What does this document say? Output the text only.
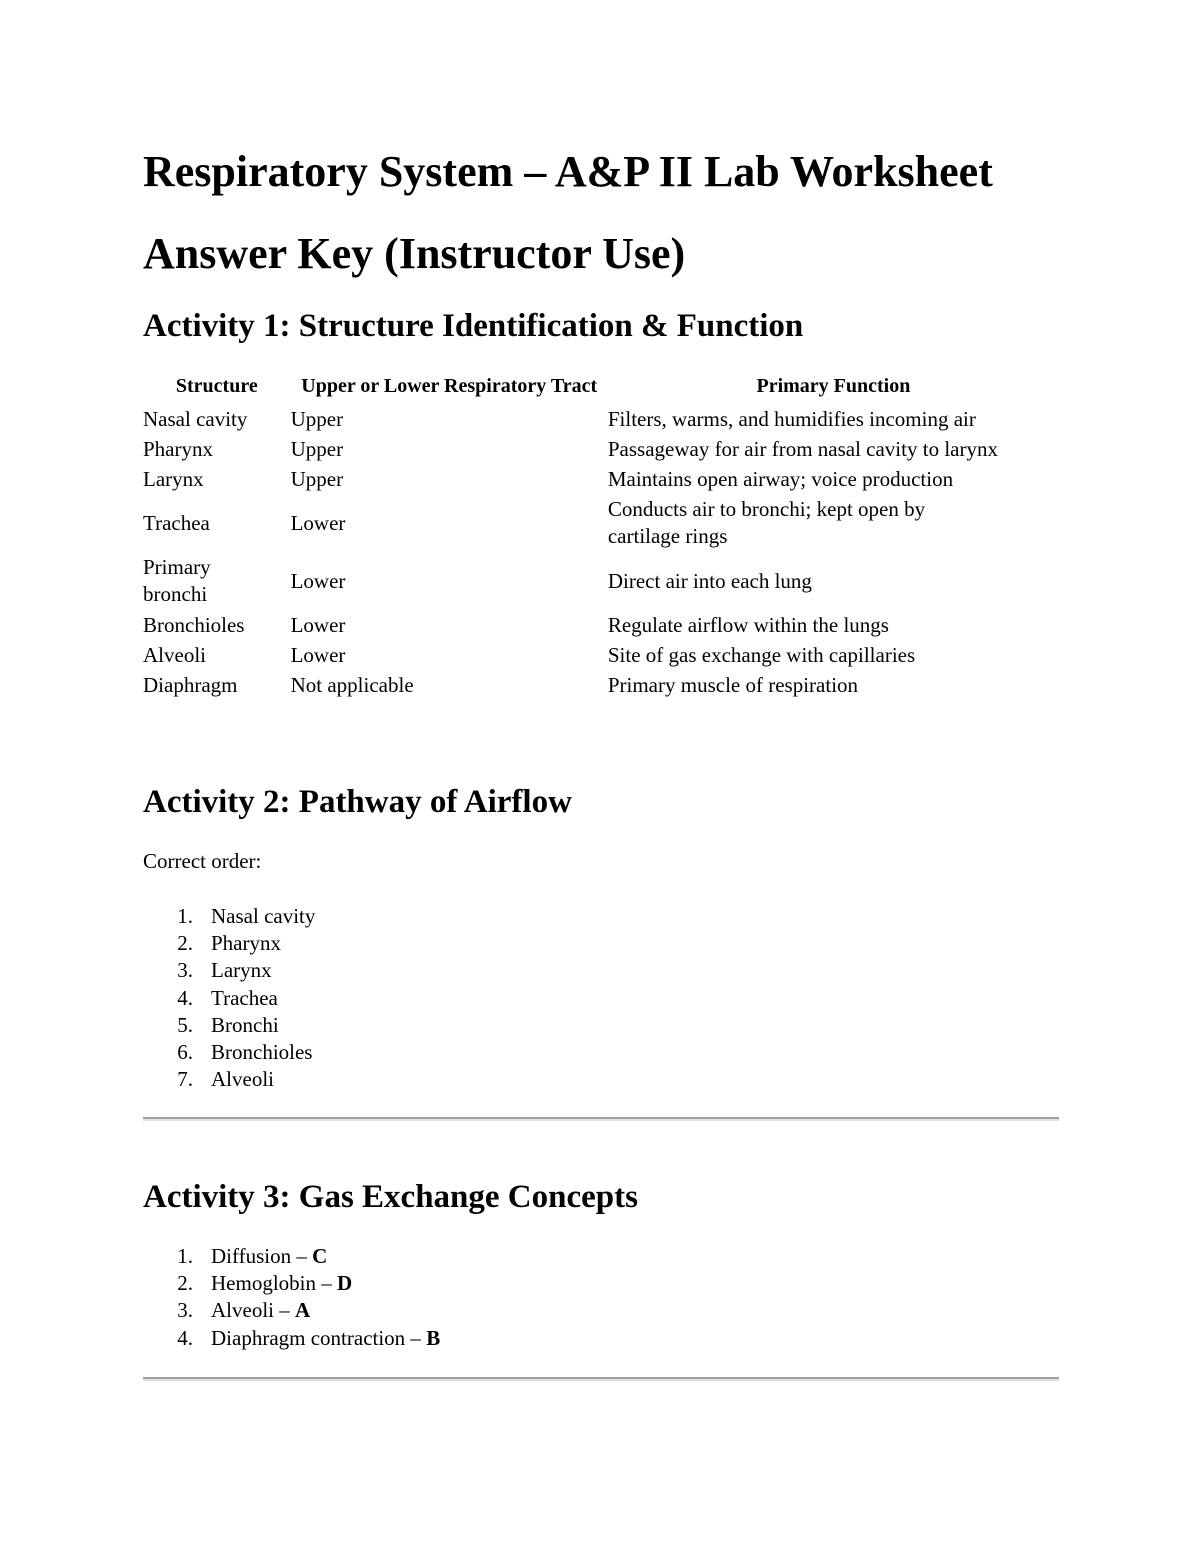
Respiratory System – A&P II Lab Worksheet
Answer Key (Instructor Use)
Activity 1: Structure Identification & Function
Structure	Upper or Lower Respiratory Tract	Primary Function
Nasal cavity	Upper	Filters, warms, and humidifies incoming air
Pharynx	Upper	Passageway for air from nasal cavity to larynx
Larynx	Upper	Maintains open airway; voice production
Trachea	Lower	Conducts air to bronchi; kept open by cartilage rings
Primary bronchi	Lower	Direct air into each lung
Bronchioles	Lower	Regulate airflow within the lungs
Alveoli	Lower	Site of gas exchange with capillaries
Diaphragm	Not applicable	Primary muscle of respiration
Activity 2: Pathway of Airflow
Correct order:
1. Nasal cavity
2. Pharynx
3. Larynx
4. Trachea
5. Bronchi
6. Bronchioles
7. Alveoli
Activity 3: Gas Exchange Concepts
1. Diffusion – C
2. Hemoglobin – D
3. Alveoli – A
4. Diaphragm contraction – B
